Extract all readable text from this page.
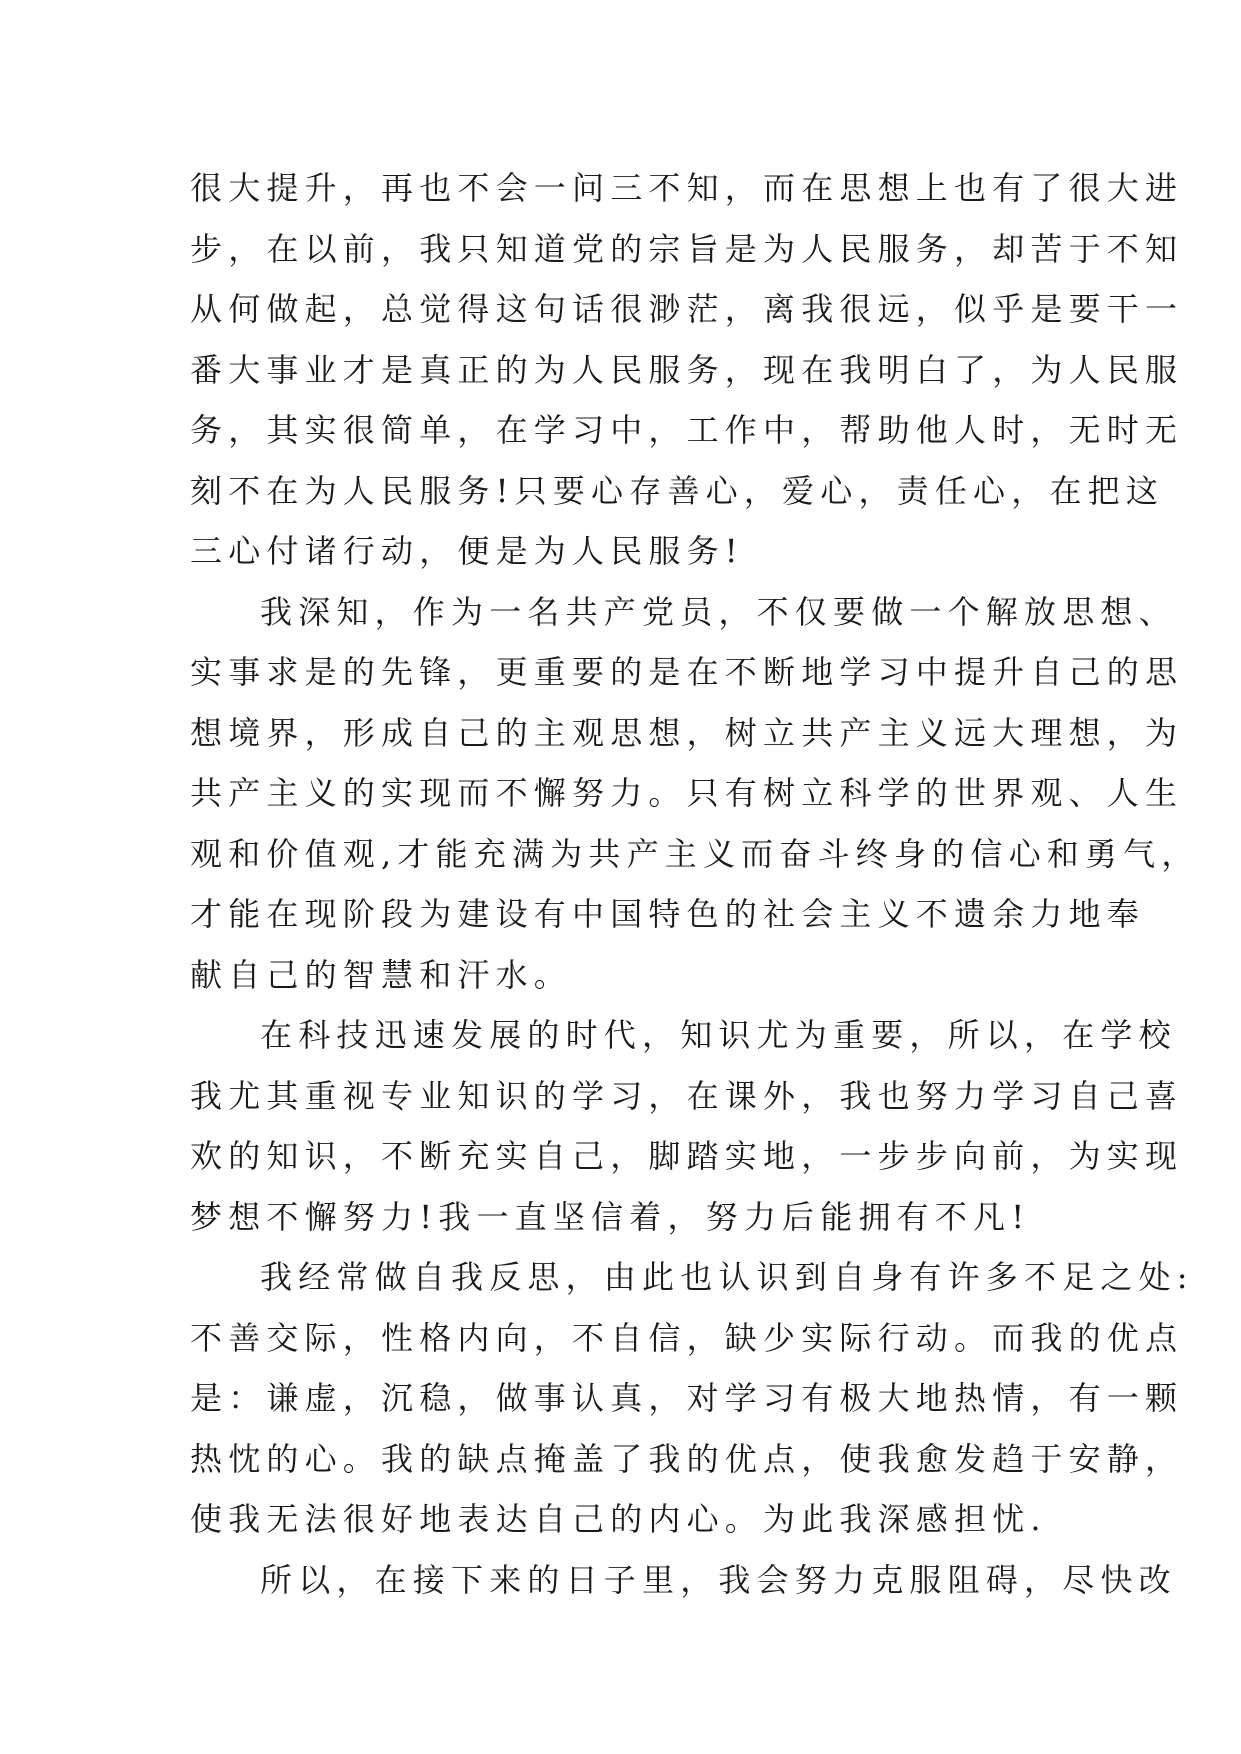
很大提升，再也不会一问三不知，而在思想上也有了很大进
步，在以前，我只知道党的宗旨是为人民服务，却苦于不知
从何做起，总觉得这句话很渺茫，离我很远，似乎是要干一
番大事业才是真正的为人民服务，现在我明白了，为人民服
务，其实很简单，在学习中，工作中，帮助他人时，无时无
刻不在为人民服务!只要心存善心，爱心，责任心，在把这
三心付诸行动，便是为人民服务!
我深知，作为一名共产党员，不仅要做一个解放思想、
实事求是的先锋，更重要的是在不断地学习中提升自己的思
想境界，形成自己的主观思想，树立共产主义远大理想，为
共产主义的实现而不懈努力。只有树立科学的世界观、人生
观和价值观,才能充满为共产主义而奋斗终身的信心和勇气，
才能在现阶段为建设有中国特色的社会主义不遗余力地奉
献自己的智慧和汗水。
在科技迅速发展的时代，知识尤为重要，所以，在学校
我尤其重视专业知识的学习，在课外，我也努力学习自己喜
欢的知识，不断充实自己，脚踏实地，一步步向前，为实现
梦想不懈努力!我一直坚信着，努力后能拥有不凡!
我经常做自我反思，由此也认识到自身有许多不足之处:
不善交际，性格内向，不自信，缺少实际行动。而我的优点
是：谦虚，沉稳，做事认真，对学习有极大地热情，有一颗
热忱的心。我的缺点掩盖了我的优点，使我愈发趋于安静，
使我无法很好地表达自己的内心。为此我深感担忧.
所以，在接下来的日子里，我会努力克服阻碍，尽快改
